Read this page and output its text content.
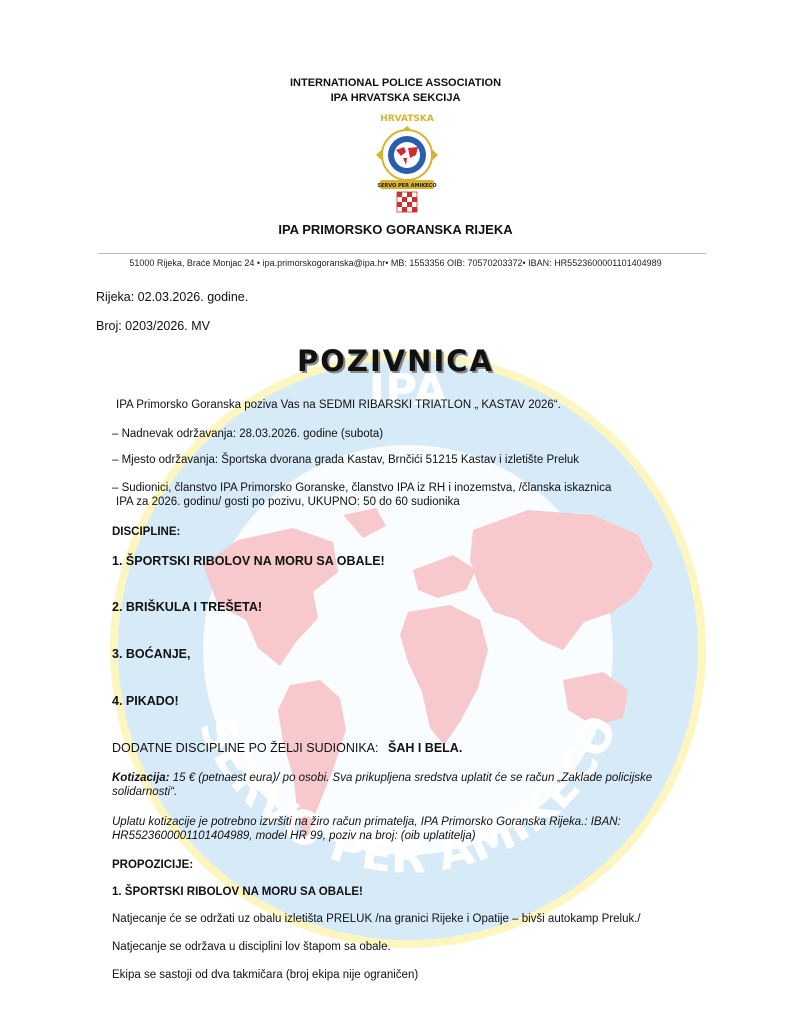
IPA
SERVO PER AMIKECO
INTERNATIONAL POLICE ASSOCIATION
IPA HRVATSKA SEKCIJA
HRVATSKA
SERVO PER AMIKECO
IPA PRIMORSKO GORANSKA RIJEKA
51000 Rijeka, Braće Monjac 24 • ipa.primorskogoranska@ipa.hr• MB: 1553356 OIB: 70570203372• IBAN: HR5523600001101404989
Rijeka: 02.03.2026. godine.
Broj: 0203/2026. MV
POZIVNICA
IPA Primorsko Goranska poziva Vas na SEDMI RIBARSKI TRIATLON „ KASTAV 2026“.
– Nadnevak održavanja: 28.03.2026. godine (subota)
– Mjesto održavanja: Športska dvorana grada Kastav, Brnčići 51215 Kastav i izletište Preluk
– Sudionici, članstvo IPA Primorsko Goranske, članstvo IPA iz RH i inozemstva, /članska iskaznica
IPA za 2026. godinu/ gosti po pozivu, UKUPNO: 50 do 60 sudionika
DISCIPLINE:
1. ŠPORTSKI RIBOLOV NA MORU SA OBALE!
2. BRIŠKULA I TREŠETA!
3. BOĆANJE,
4. PIKADO!
DODATNE DISCIPLINE PO ŽELJI SUDIONIKA: ŠAH I BELA.
Kotizacija: 15 € (petnaest eura)/ po osobi. Sva prikupljena sredstva uplatit će se račun „Zaklade policijske
solidarnosti“.
Uplatu kotizacije je potrebno izvršiti na žiro račun primatelja, IPA Primorsko Goranska Rijeka.: IBAN:
HR5523600001101404989, model HR 99, poziv na broj: (oib uplatitelja)
PROPOZICIJE:
1. ŠPORTSKI RIBOLOV NA MORU SA OBALE!
Natjecanje će se održati uz obalu izletišta PRELUK /na granici Rijeke i Opatije – bivši autokamp Preluk./
Natjecanje se održava u disciplini lov štapom sa obale.
Ekipa se sastoji od dva takmičara (broj ekipa nije ograničen)
